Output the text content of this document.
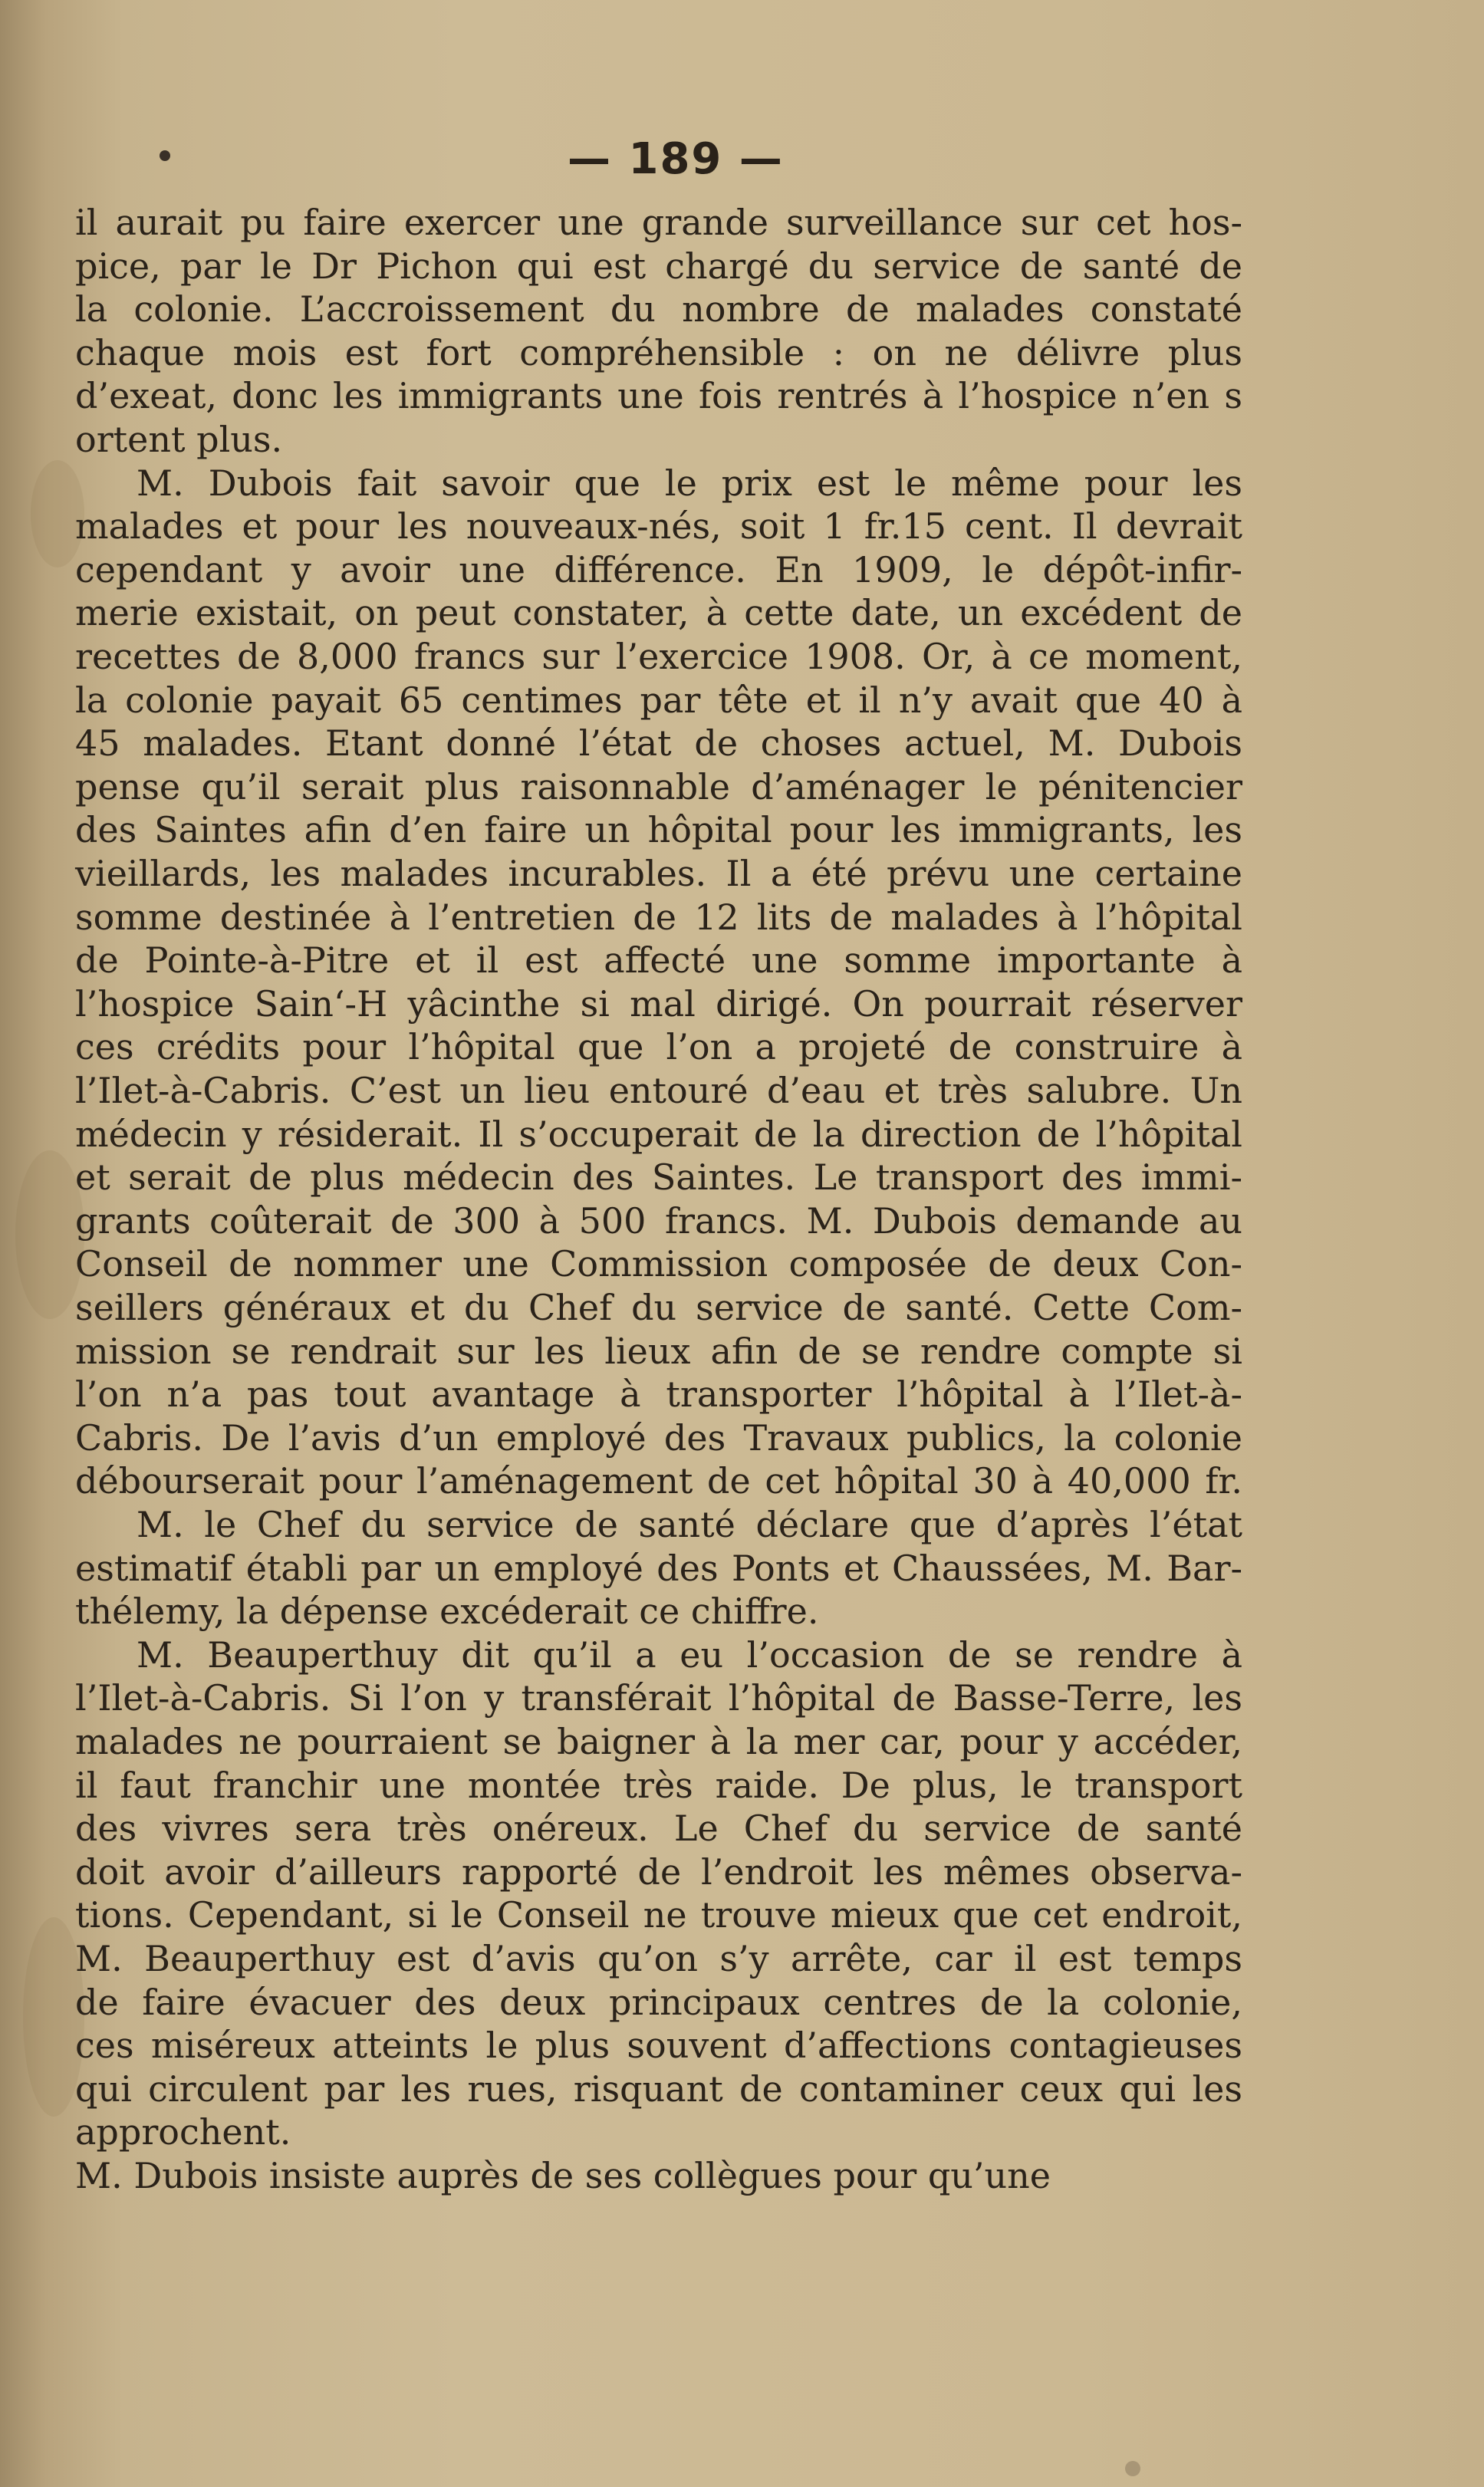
— 189 —
il aurait pu faire exercer une grande surveillance sur cet hos-
pice, par le Dr Pichon qui est chargé du service de santé de
la colonie. L’accroissement du nombre de malades constaté
chaque mois est fort compréhensible : on ne délivre plus
d’exeat, donc les immigrants une fois rentrés à l’hospice n’en s
ortent plus.
M. Dubois fait savoir que le prix est le même pour les
malades et pour les nouveaux-nés, soit 1 fr.15 cent. Il devrait
cependant y avoir une différence. En 1909, le dépôt-infir-
merie existait, on peut constater, à cette date, un excédent de
recettes de 8,000 francs sur l’exercice 1908. Or, à ce moment,
la colonie payait 65 centimes par tête et il n’y avait que 40 à
45 malades. Etant donné l’état de choses actuel, M. Dubois
pense qu’il serait plus raisonnable d’aménager le pénitencier
des Saintes afin d’en faire un hôpital pour les immigrants, les
vieillards, les malades incurables. Il a été prévu une certaine
somme destinée à l’entretien de 12 lits de malades à l’hôpital
de Pointe-à-Pitre et il est affecté une somme importante à
l’hospice Sain‘-H yâcinthe si mal dirigé. On pourrait réserver
ces crédits pour l’hôpital que l’on a projeté de construire à
l’Ilet-à-Cabris. C’est un lieu entouré d’eau et très salubre. Un
médecin y résiderait. Il s’occuperait de la direction de l’hôpital
et serait de plus médecin des Saintes. Le transport des immi-
grants coûterait de 300 à 500 francs. M. Dubois demande au
Conseil de nommer une Commission composée de deux Con-
seillers généraux et du Chef du service de santé. Cette Com-
mission se rendrait sur les lieux afin de se rendre compte si
l’on n’a pas tout avantage à transporter l’hôpital à l’Ilet-à-
Cabris. De l’avis d’un employé des Travaux publics, la colonie
débourserait pour l’aménagement de cet hôpital 30 à 40,000 fr.
M. le Chef du service de santé déclare que d’après l’état
estimatif établi par un employé des Ponts et Chaussées, M. Bar-
thélemy, la dépense excéderait ce chiffre.
M. Beauperthuy dit qu’il a eu l’occasion de se rendre à
l’Ilet-à-Cabris. Si l’on y transférait l’hôpital de Basse-Terre, les
malades ne pourraient se baigner à la mer car, pour y accéder,
il faut franchir une montée très raide. De plus, le transport
des vivres sera très onéreux. Le Chef du service de santé
doit avoir d’ailleurs rapporté de l’endroit les mêmes observa-
tions. Cependant, si le Conseil ne trouve mieux que cet endroit,
M. Beauperthuy est d’avis qu’on s’y arrête, car il est temps
de faire évacuer des deux principaux centres de la colonie,
ces miséreux atteints le plus souvent d’affections contagieuses
qui circulent par les rues, risquant de contaminer ceux qui les
approchent.
M. Dubois insiste auprès de ses collègues pour qu’une
